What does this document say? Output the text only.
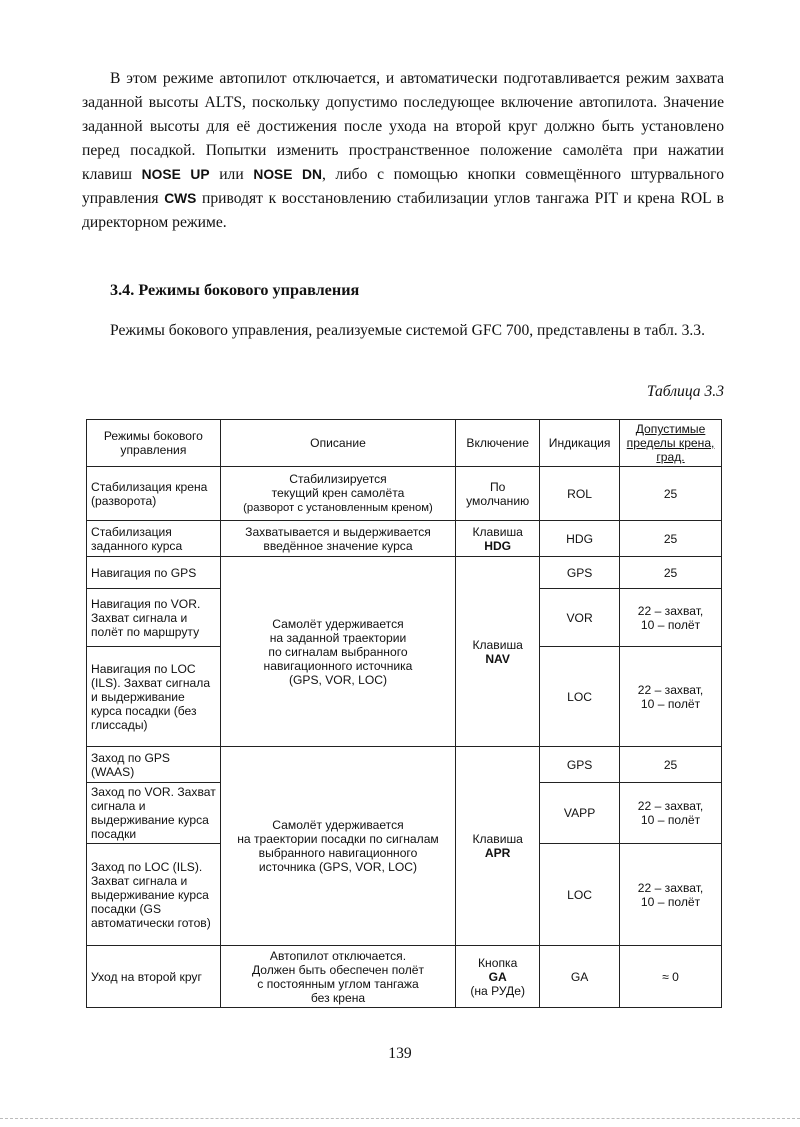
В этом режиме автопилот отключается, и автоматически подготавливается режим захвата заданной высоты ALTS, поскольку допустимо последующее включение автопилота. Значение заданной высоты для её достижения после ухода на второй круг должно быть установлено перед посадкой. Попытки изменить пространственное положение самолёта при нажатии клавиш NOSE UP или NOSE DN, либо с помощью кнопки совмещённого штурвального управления CWS приводят к восстановлению стабилизации углов тангажа PIT и крена ROL в директорном режиме.

3.4. Режимы бокового управления

Режимы бокового управления, реализуемые системой GFC 700, представлены в табл. 3.3.

Таблица 3.3
Режимы бокового управления	Описание	Включение	Индикация	Допустимые пределы крена, град.
Стабилизация крена (разворота)	Стабилизируется
текущий крен самолёта
(разворот с установленным креном)	По умолчанию	ROL	25
Стабилизация заданного курса	Захватывается и выдерживается
введённое значение курса	Клавиша
HDG	HDG	25
Навигация по GPS	Самолёт удерживается
на заданной траектории
по сигналам выбранного
навигационного источника
(GPS, VOR, LOC)	Клавиша
NAV	GPS	25
Навигация по VOR. Захват сигнала и полёт по маршруту			VOR	22 – захват,
10 – полёт
Навигация по LOC (ILS). Захват сигнала и выдерживание курса посадки (без глиссады)			LOC	22 – захват,
10 – полёт
Заход по GPS (WAAS)	Самолёт удерживается
на траектории посадки по сигналам
выбранного навигационного
источника (GPS, VOR, LOC)	Клавиша
APR	GPS	25
Заход по VOR. Захват сигнала и выдерживание курса посадки			VAPP	22 – захват,
10 – полёт
Заход по LOC (ILS). Захват сигнала и выдерживание курса посадки (GS автоматически готов)			LOC	22 – захват,
10 – полёт
Уход на второй круг	Автопилот отключается.
Должен быть обеспечен полёт
с постоянным углом тангажа
без крена	Кнопка
GA
(на РУДе)	GA	≈ 0
139
